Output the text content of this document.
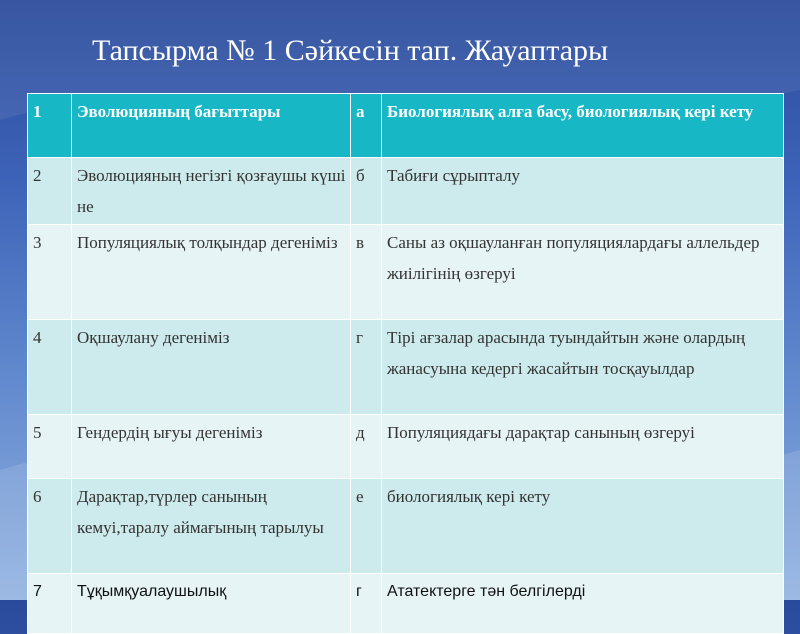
Тапсырма № 1 Сәйкесін тап. Жауаптары
1	Эволюцияның бағыттары	а	Биологиялық алға басу, биологиялық кері кету
2	Эволюцияның негізгі қозғаушы күші не	б	Табиғи сұрыпталу
3	Популяциялық толқындар дегеніміз	в	Саны аз оқшауланған популяциялардағы аллельдер жиілігінің өзгеруі
4	Оқшаулану дегеніміз	г	Тірі ағзалар арасында туындайтын және олардың жанасуына кедергі жасайтын тосқауылдар
5	Гендердің ығуы дегеніміз	д	Популяциядағы дарақтар санының өзгеруі
6	Дарақтар,түрлер санының кемуі,таралу аймағының тарылуы	е	биологиялық кері кету
7	Тұқымқуалаушылық	г	Ататектерге тән белгілерді
